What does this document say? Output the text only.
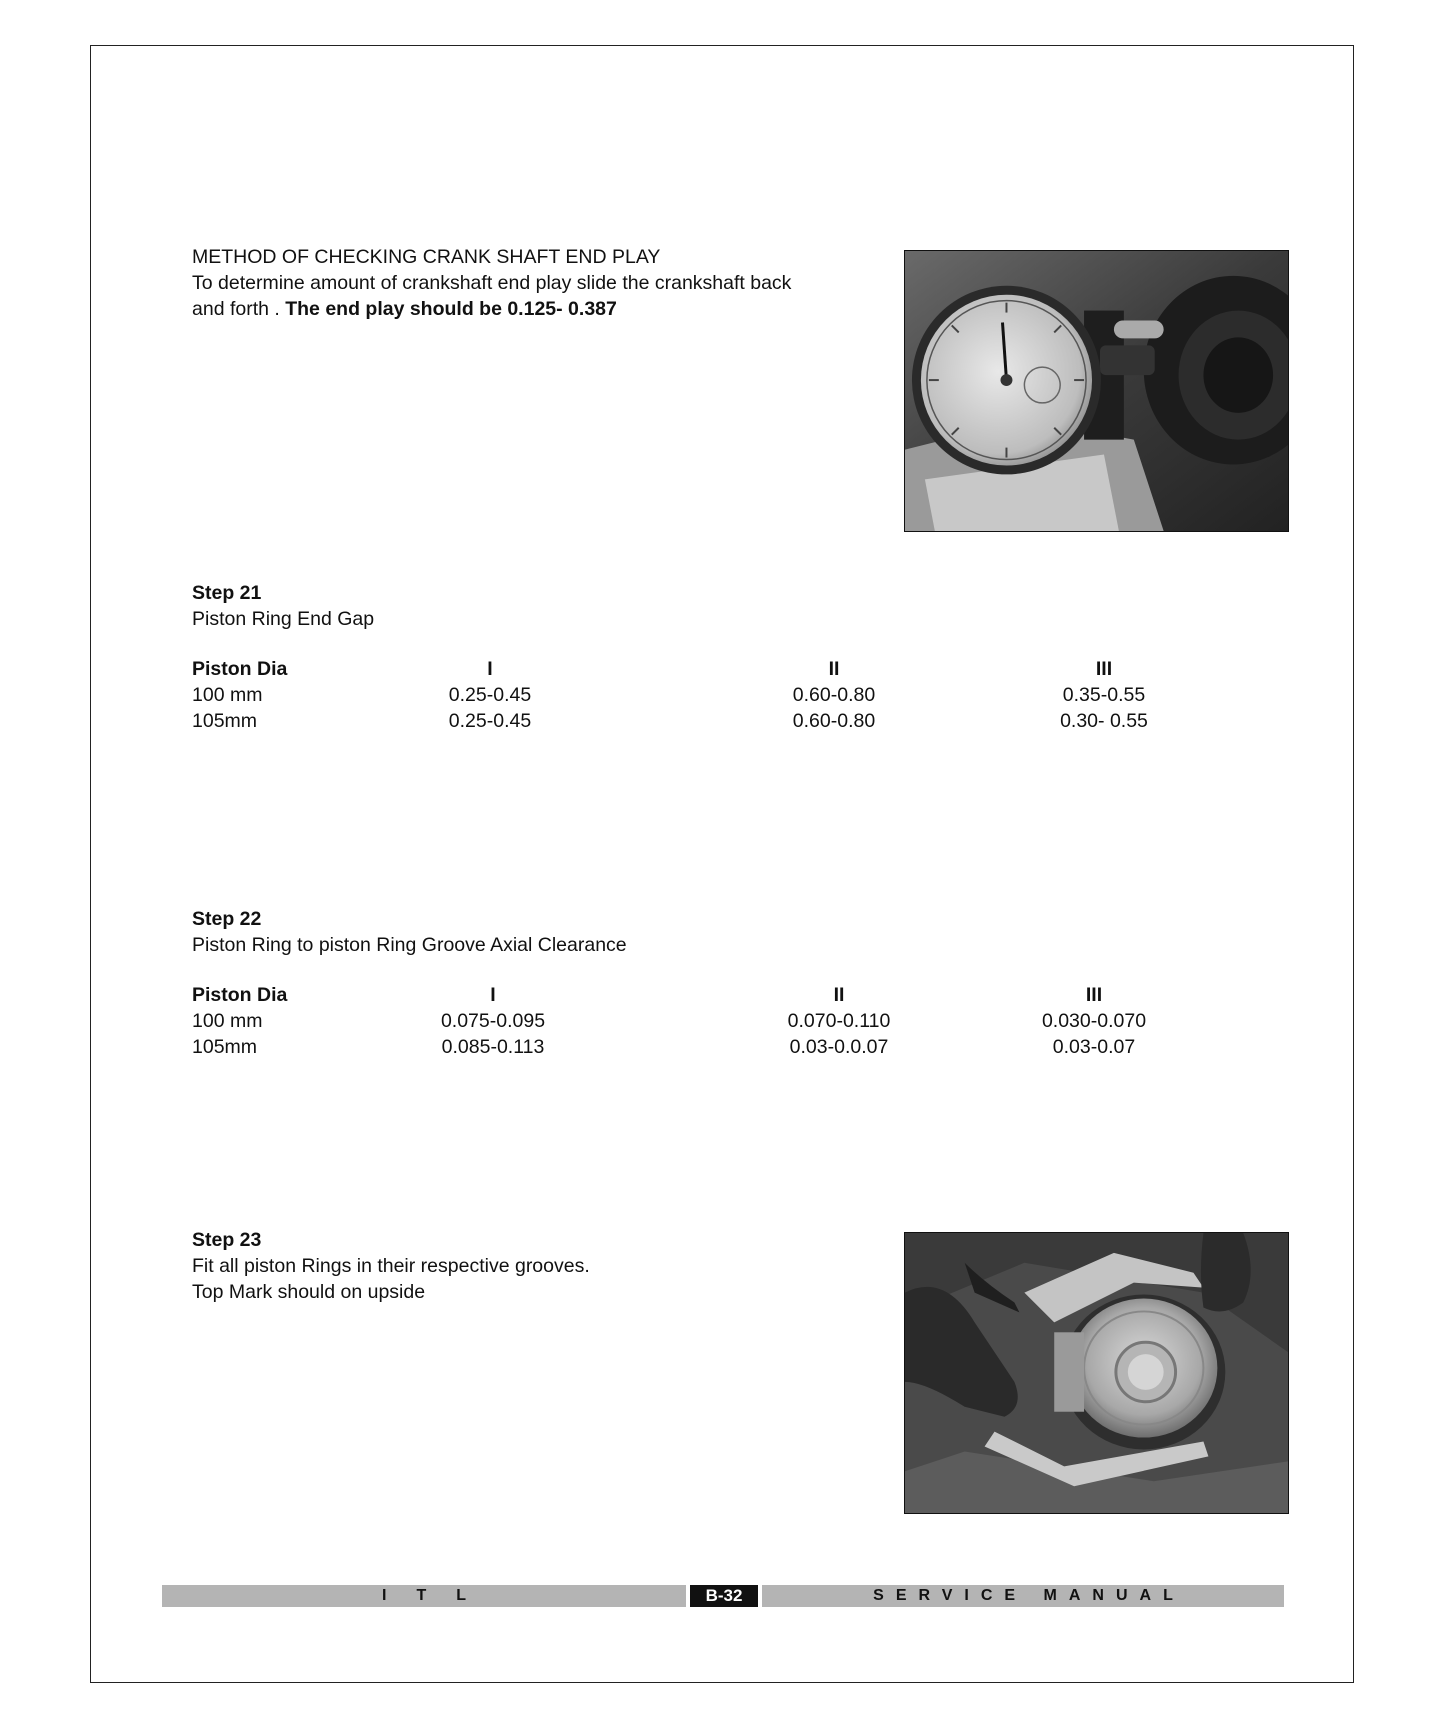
METHOD OF CHECKING CRANK SHAFT END PLAY
To determine amount of crankshaft end play slide the crankshaft back
and forth . The end play should be 0.125- 0.387
Step 21
Piston Ring End Gap
Piston Dia	I	II	III
100 mm	0.25-0.45	0.60-0.80	0.35-0.55
105mm	0.25-0.45	0.60-0.80	0.30- 0.55
Step 22
Piston Ring to piston Ring Groove Axial Clearance
Piston Dia	I	II	III
100 mm	0.075-0.095	0.070-0.110	0.030-0.070
105mm	0.085-0.113	0.03-0.0.07	0.03-0.07
Step 23
Fit all piston Rings in their respective grooves.
Top Mark should on upside
ITL	B-32	SERVICE MANUAL
